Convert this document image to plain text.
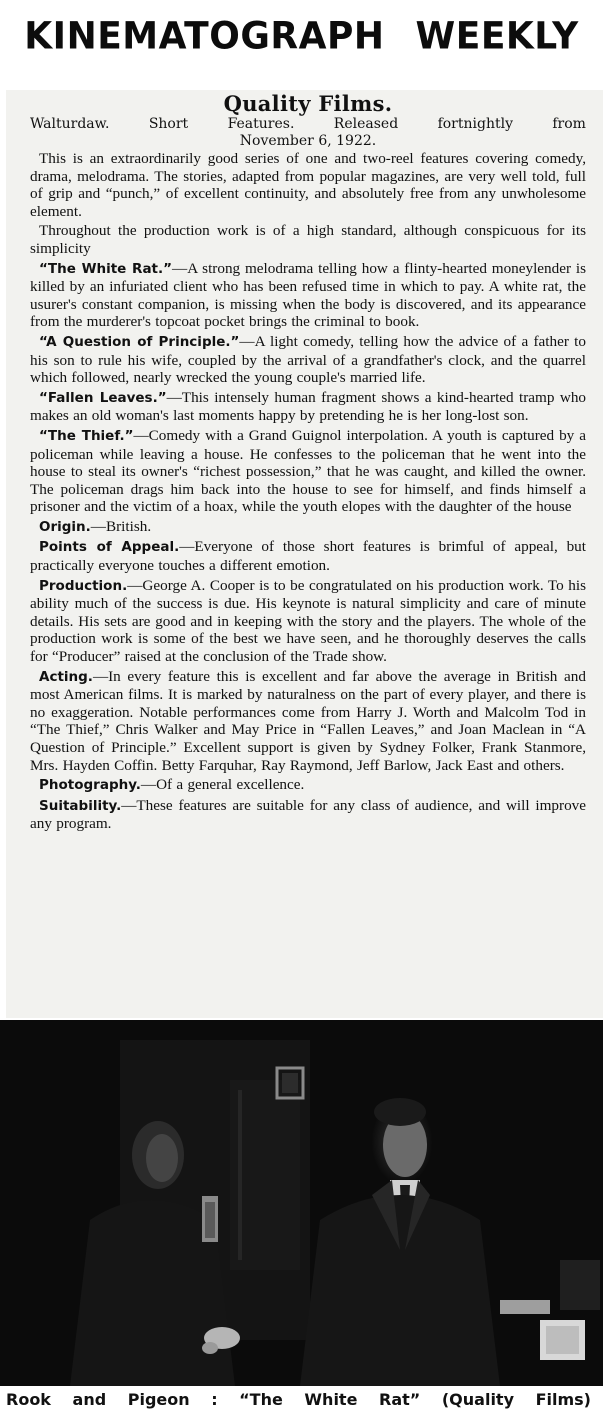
KINEMATOGRAPH WEEKLY
Quality Films.
Walturdaw.	Short	Features.	Released	fortnightly	from
November 6, 1922.

This is an extraordinarily good series of one and two-reel features covering comedy, drama, melodrama. The stories, adapted from popular magazines, are very well told, full of grip and “punch,” of excellent continuity, and absolutely free from any unwholesome element.

Throughout the production work is of a high standard, although conspicuous for its simplicity

“The White Rat.”—A strong melodrama telling how a flinty-hearted moneylender is killed by an infuriated client who has been refused time in which to pay. A white rat, the usurer's constant companion, is missing when the body is discovered, and its appearance from the murderer's topcoat pocket brings the criminal to book.

“A Question of Principle.”—A light comedy, telling how the advice of a father to his son to rule his wife, coupled by the arrival of a grandfather's clock, and the quarrel which followed, nearly wrecked the young couple's married life.

“Fallen Leaves.”—This intensely human fragment shows a kind-hearted tramp who makes an old woman's last moments happy by pretending he is her long-lost son.

“The Thief.”—Comedy with a Grand Guignol interpolation. A youth is captured by a policeman while leaving a house. He confesses to the policeman that he went into the house to steal its owner's “richest possession,” that he was caught, and killed the owner. The policeman drags him back into the house to see for himself, and finds himself a prisoner and the victim of a hoax, while the youth elopes with the daughter of the house

Origin.—British.

Points of Appeal.—Everyone of those short features is brimful of appeal, but practically everyone touches a different emotion.

Production.—George A. Cooper is to be congratulated on his production work. To his ability much of the success is due. His keynote is natural simplicity and care of minute details. His sets are good and in keeping with the story and the players. The whole of the production work is some of the best we have seen, and he thoroughly deserves the calls for “Producer” raised at the conclusion of the Trade show.

Acting.—In every feature this is excellent and far above the average in British and most American films. It is marked by naturalness on the part of every player, and there is no exaggeration. Notable performances come from Harry J. Worth and Malcolm Tod in “The Thief,” Chris Walker and May Price in “Fallen Leaves,” and Joan Maclean in “A Question of Principle.” Excellent support is given by Sydney Folker, Frank Stanmore, Mrs. Hayden Coffin. Betty Farquhar, Ray Raymond, Jeff Barlow, Jack East and others.

Photography.—Of a general excellence.

Suitability.—These features are suitable for any class of audience, and will improve any program.

Rook and Pigeon : “The White Rat” (Quality Films)
